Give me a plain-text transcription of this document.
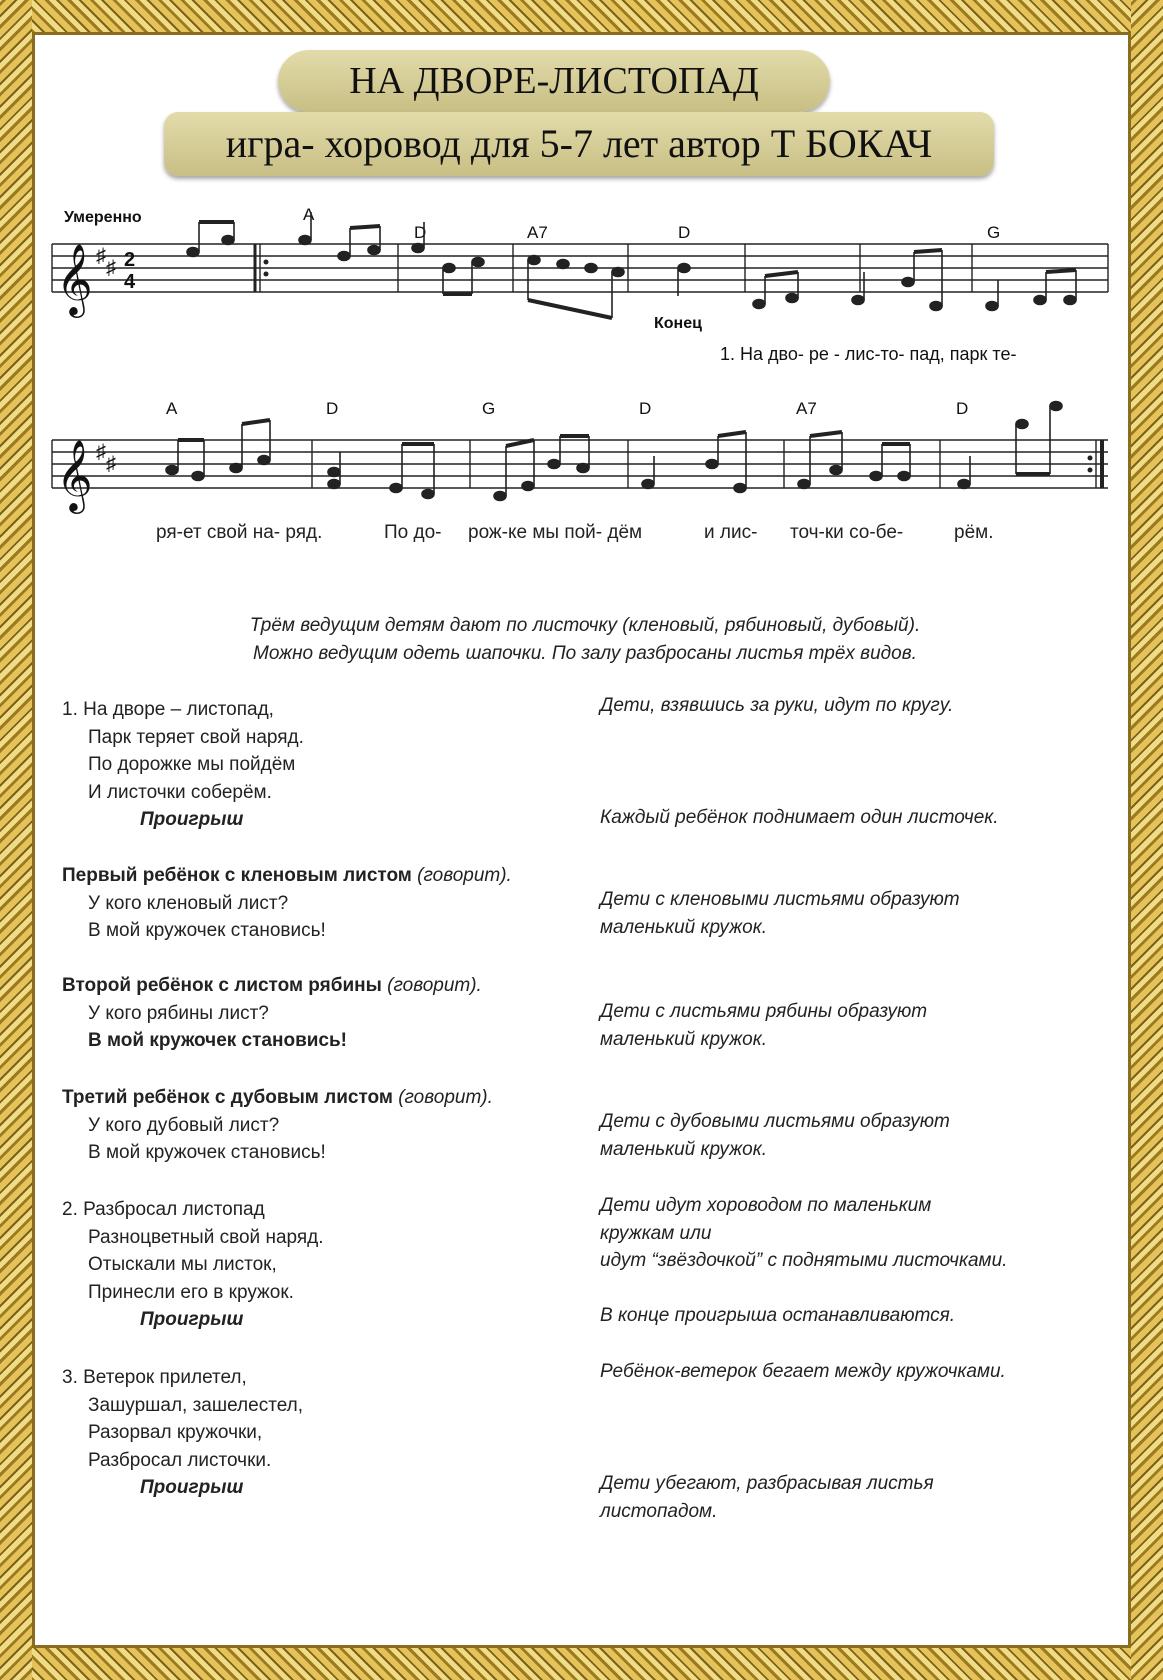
НА ДВОРЕ-ЛИСТОПАД
игра- хоровод для 5-7 лет автор Т БОКАЧ
Умеренно
𝄞 ♯
♯ 2
4
A
D	A7	D	G
Конец
1. На дво- ре - лис-то- пад, парк те-
𝄞 ♯
♯
A	D	G	D	A7	D
ря-ет свой на- ряд.	По до- рож-ке мы пой- дём	и лис- точ-ки со-бе-	рём.
Трём ведущим детям дают по листочку (кленовый, рябиновый, дубовый).
Можно ведущим одеть шапочки. По залу разбросаны листья трёх видов.
1. На дворе – листопад,
Парк теряет свой наряд.
По дорожке мы пойдём
И листочки соберём.
Проигрыш
Дети, взявшись за руки, идут по кругу.
Каждый ребёнок поднимает один листочек.
Первый ребёнок с кленовым листом (говорит).
У кого кленовый лист?
В мой кружочек становись!
Дети с кленовыми листьями образуют
маленький кружок.
Второй ребёнок с листом рябины (говорит).
У кого рябины лист?
В мой кружочек становись!
Дети с листьями рябины образуют
маленький кружок.
Третий ребёнок с дубовым листом (говорит).
У кого дубовый лист?
В мой кружочек становись!
Дети с дубовыми листьями образуют
маленький кружок.
2. Разбросал листопад
Разноцветный свой наряд.
Отыскали мы листок,
Принесли его в кружок.
Проигрыш
Дети идут хороводом по маленьким
кружкам или
идут “звёздочкой” с поднятыми листочками.
В конце проигрыша останавливаются.
3. Ветерок прилетел,
Зашуршал, зашелестел,
Разорвал кружочки,
Разбросал листочки.
Проигрыш
Ребёнок-ветерок бегает между кружочками.
Дети убегают, разбрасывая листья
листопадом.
